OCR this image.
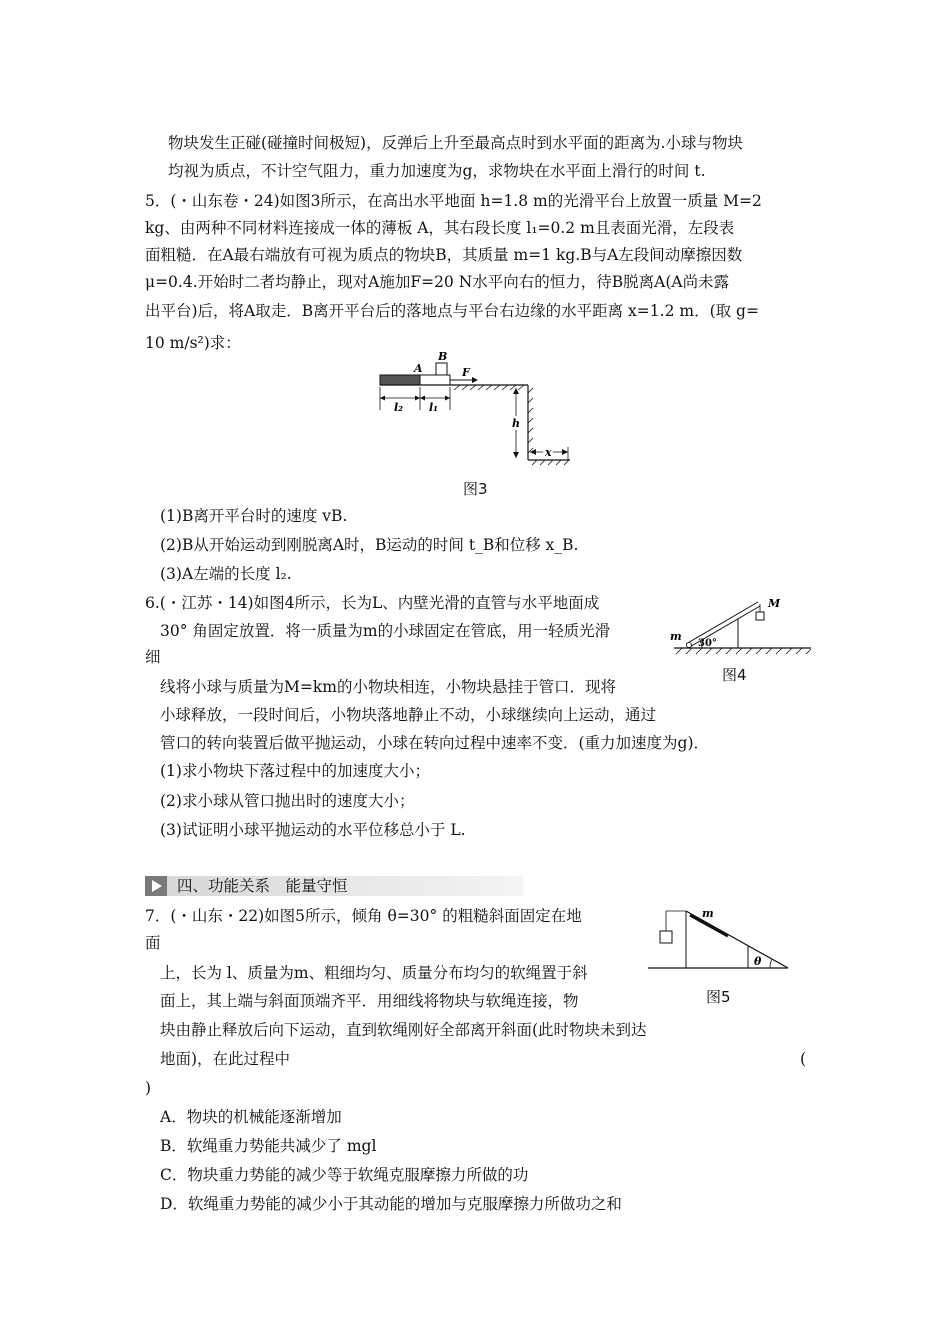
物块发生正碰(碰撞时间极短)，反弹后上升至最高点时到水平面的距离为.小球与物块
均视为质点，不计空气阻力，重力加速度为g，求物块在水平面上滑行的时间 t.
5．(・山东卷・24)如图3所示，在高出水平地面 h=1.8 m的光滑平台上放置一质量 M=2
kg、由两种不同材料连接成一体的薄板 A，其右段长度 l₁=0.2 m且表面光滑，左段表
面粗糙．在A最右端放有可视为质点的物块B，其质量 m=1 kg.B与A左段间动摩擦因数
μ=0.4.开始时二者均静止，现对A施加F=20 N水平向右的恒力，待B脱离A(A尚未露
出平台)后，将A取走．B离开平台后的落地点与平台右边缘的水平距离 x=1.2 m．(取 g=
10 m/s²)求：
B
A	F
h
x
l₂ l₁
图3
(1)B离开平台时的速度 vB.
(2)B从开始运动到刚脱离A时，B运动的时间 t_B和位移 x_B.
(3)A左端的长度 l₂.
6.(・江苏・14)如图4所示，长为L、内壁光滑的直管与水平地面成
30° 角固定放置．将一质量为m的小球固定在管底，用一轻质光滑
细
线将小球与质量为M=km的小物块相连，小物块悬挂于管口．现将
小球释放，一段时间后，小物块落地静止不动，小球继续向上运动，通过
管口的转向装置后做平抛运动，小球在转向过程中速率不变．(重力加速度为g)．
M
m
30°
图4
(1)求小物块下落过程中的加速度大小；
(2)求小球从管口抛出时的速度大小；
(3)试证明小球平抛运动的水平位移总小于 L.
四、功能关系　能量守恒
7．(・山东・22)如图5所示，倾角 θ=30° 的粗糙斜面固定在地
面
上，长为 l、质量为m、粗细均匀、质量分布均匀的软绳置于斜
面上，其上端与斜面顶端齐平．用细线将物块与软绳连接，物
块由静止释放后向下运动，直到软绳刚好全部离开斜面(此时物块未到达
地面)，在此过程中	(
)
m
θ
图5
A．物块的机械能逐渐增加
B．软绳重力势能共减少了 mgl
C．物块重力势能的减少等于软绳克服摩擦力所做的功
D．软绳重力势能的减少小于其动能的增加与克服摩擦力所做功之和
